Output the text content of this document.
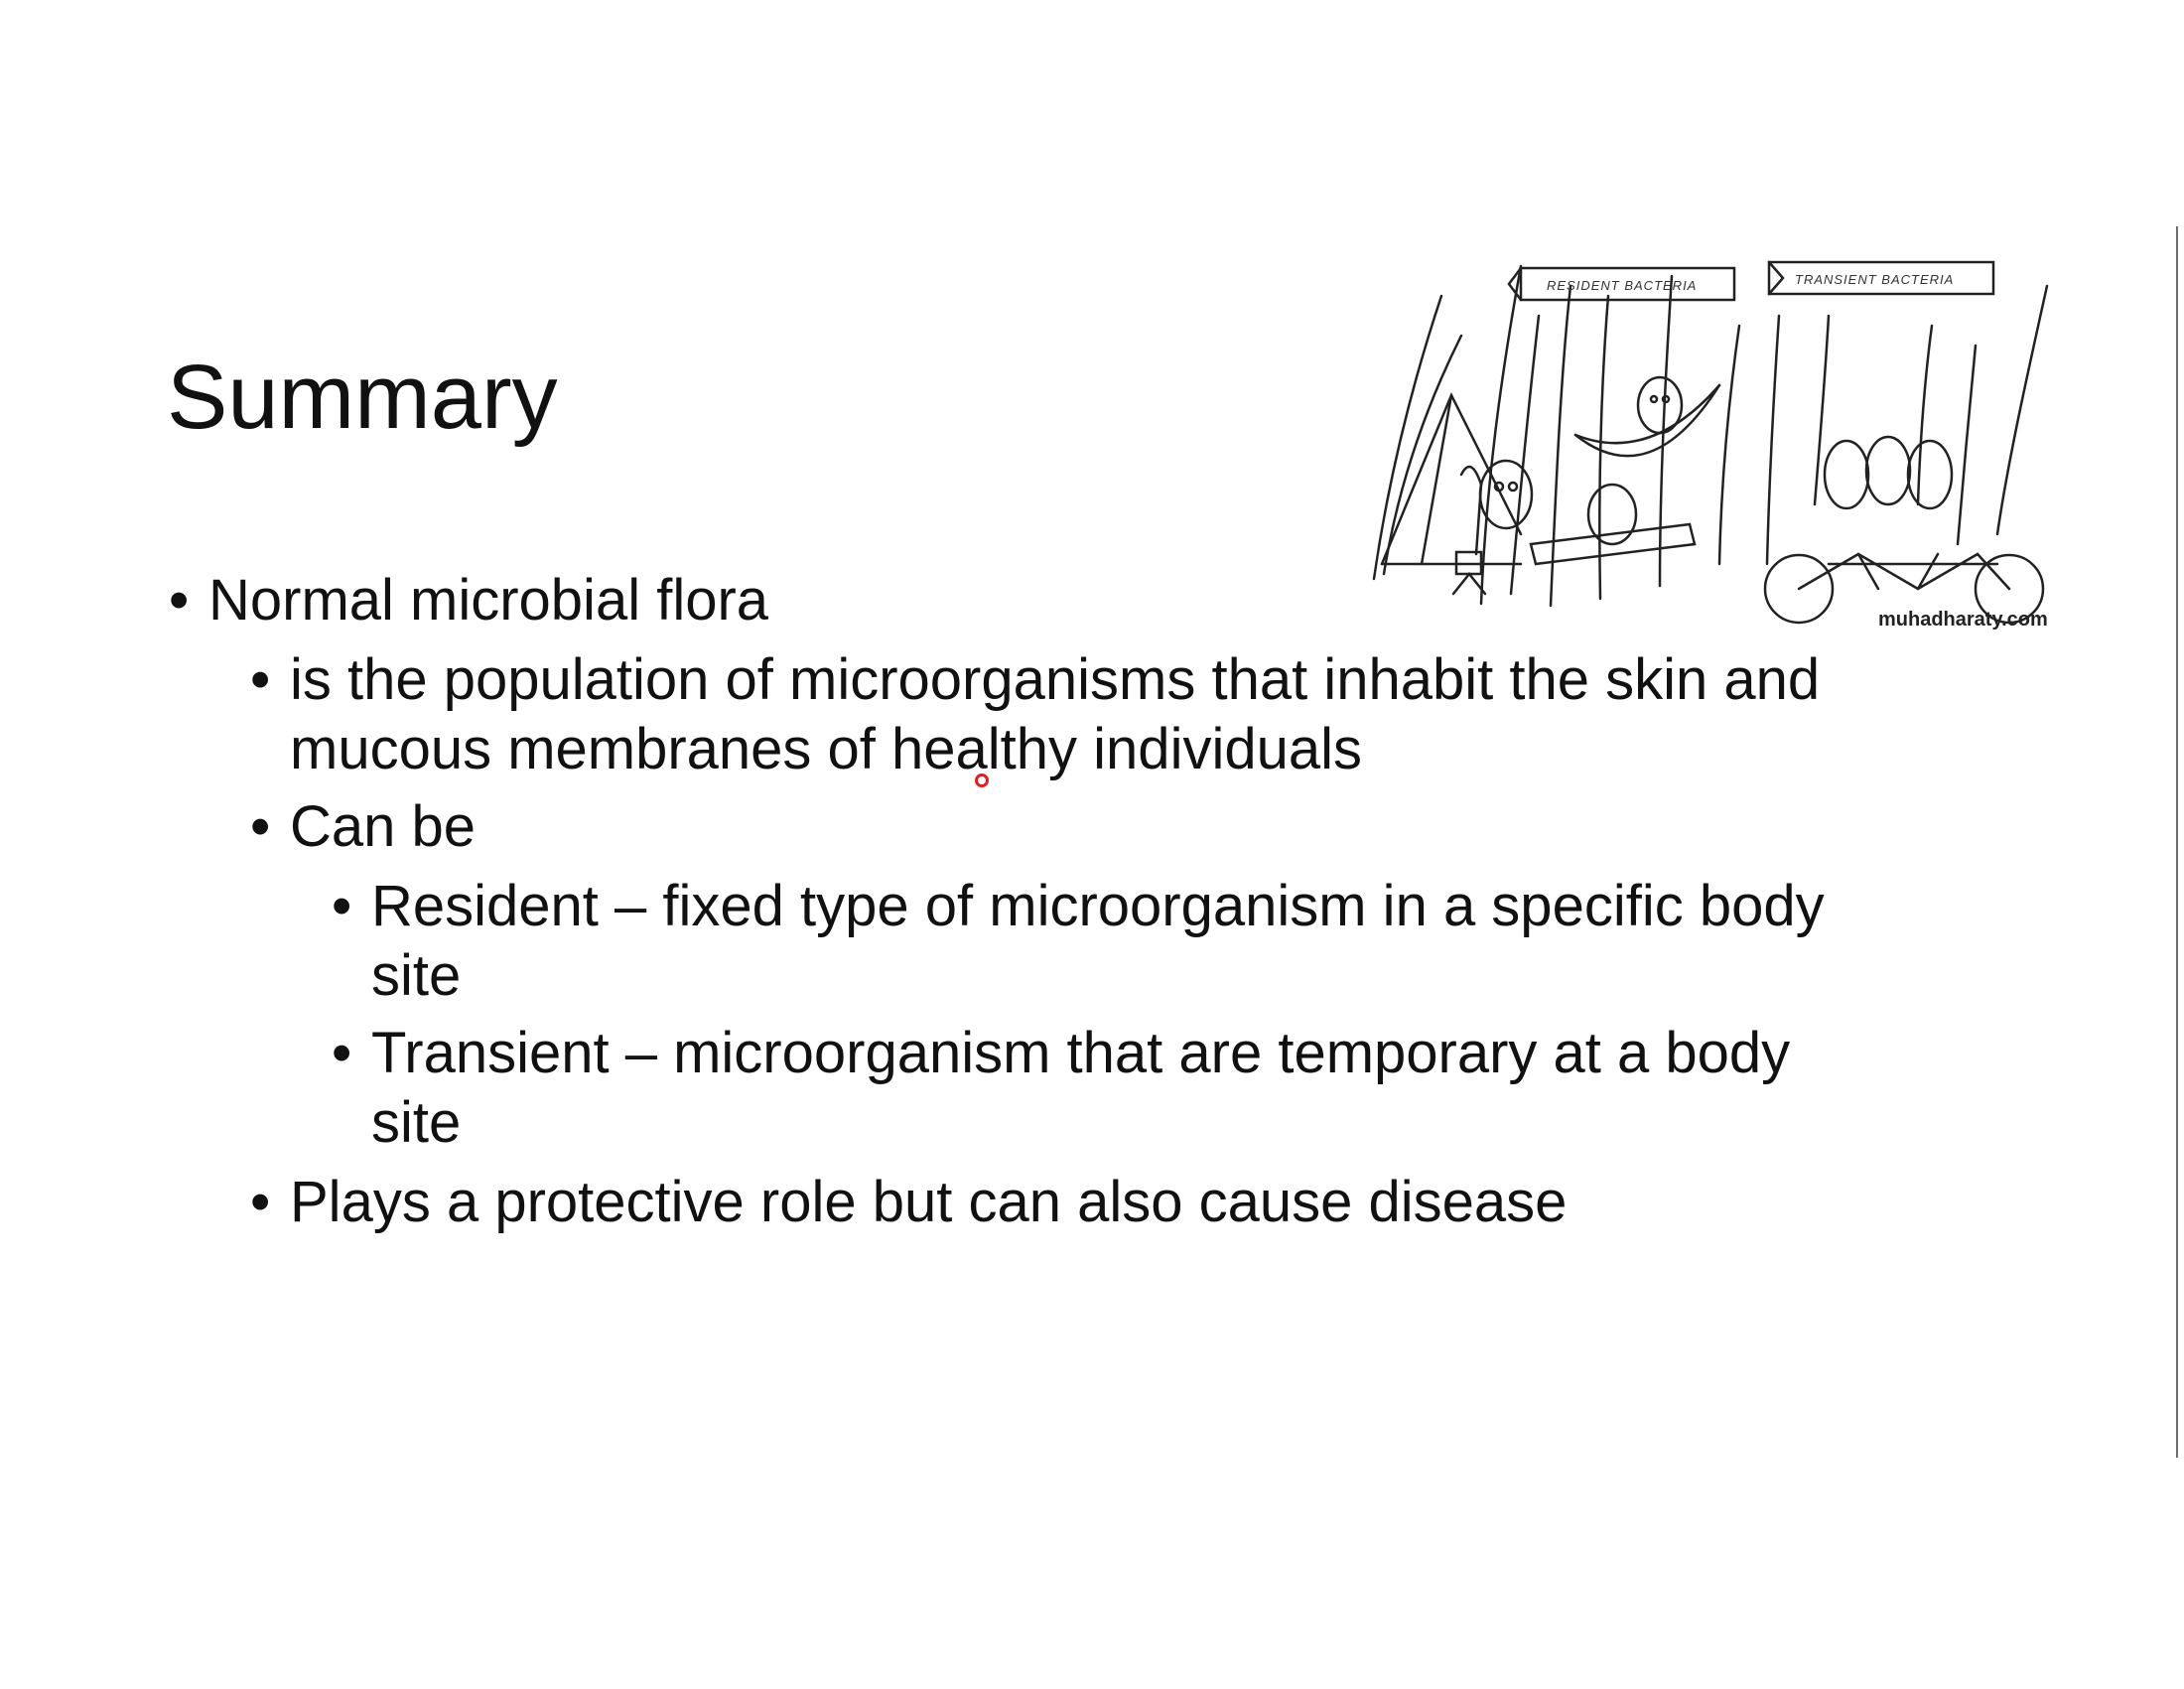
Summary
RESIDENT BACTERIA	TRANSIENT BACTERIA
muhadharaty.com
• Normal microbial flora
• is the population of microorganisms that inhabit the skin and
mucous membranes of healthy individuals
• Can be
• Resident – fixed type of microorganism in a specific body
site
• Transient – microorganism that are temporary at a body
site
• Plays a protective role but can also cause disease
